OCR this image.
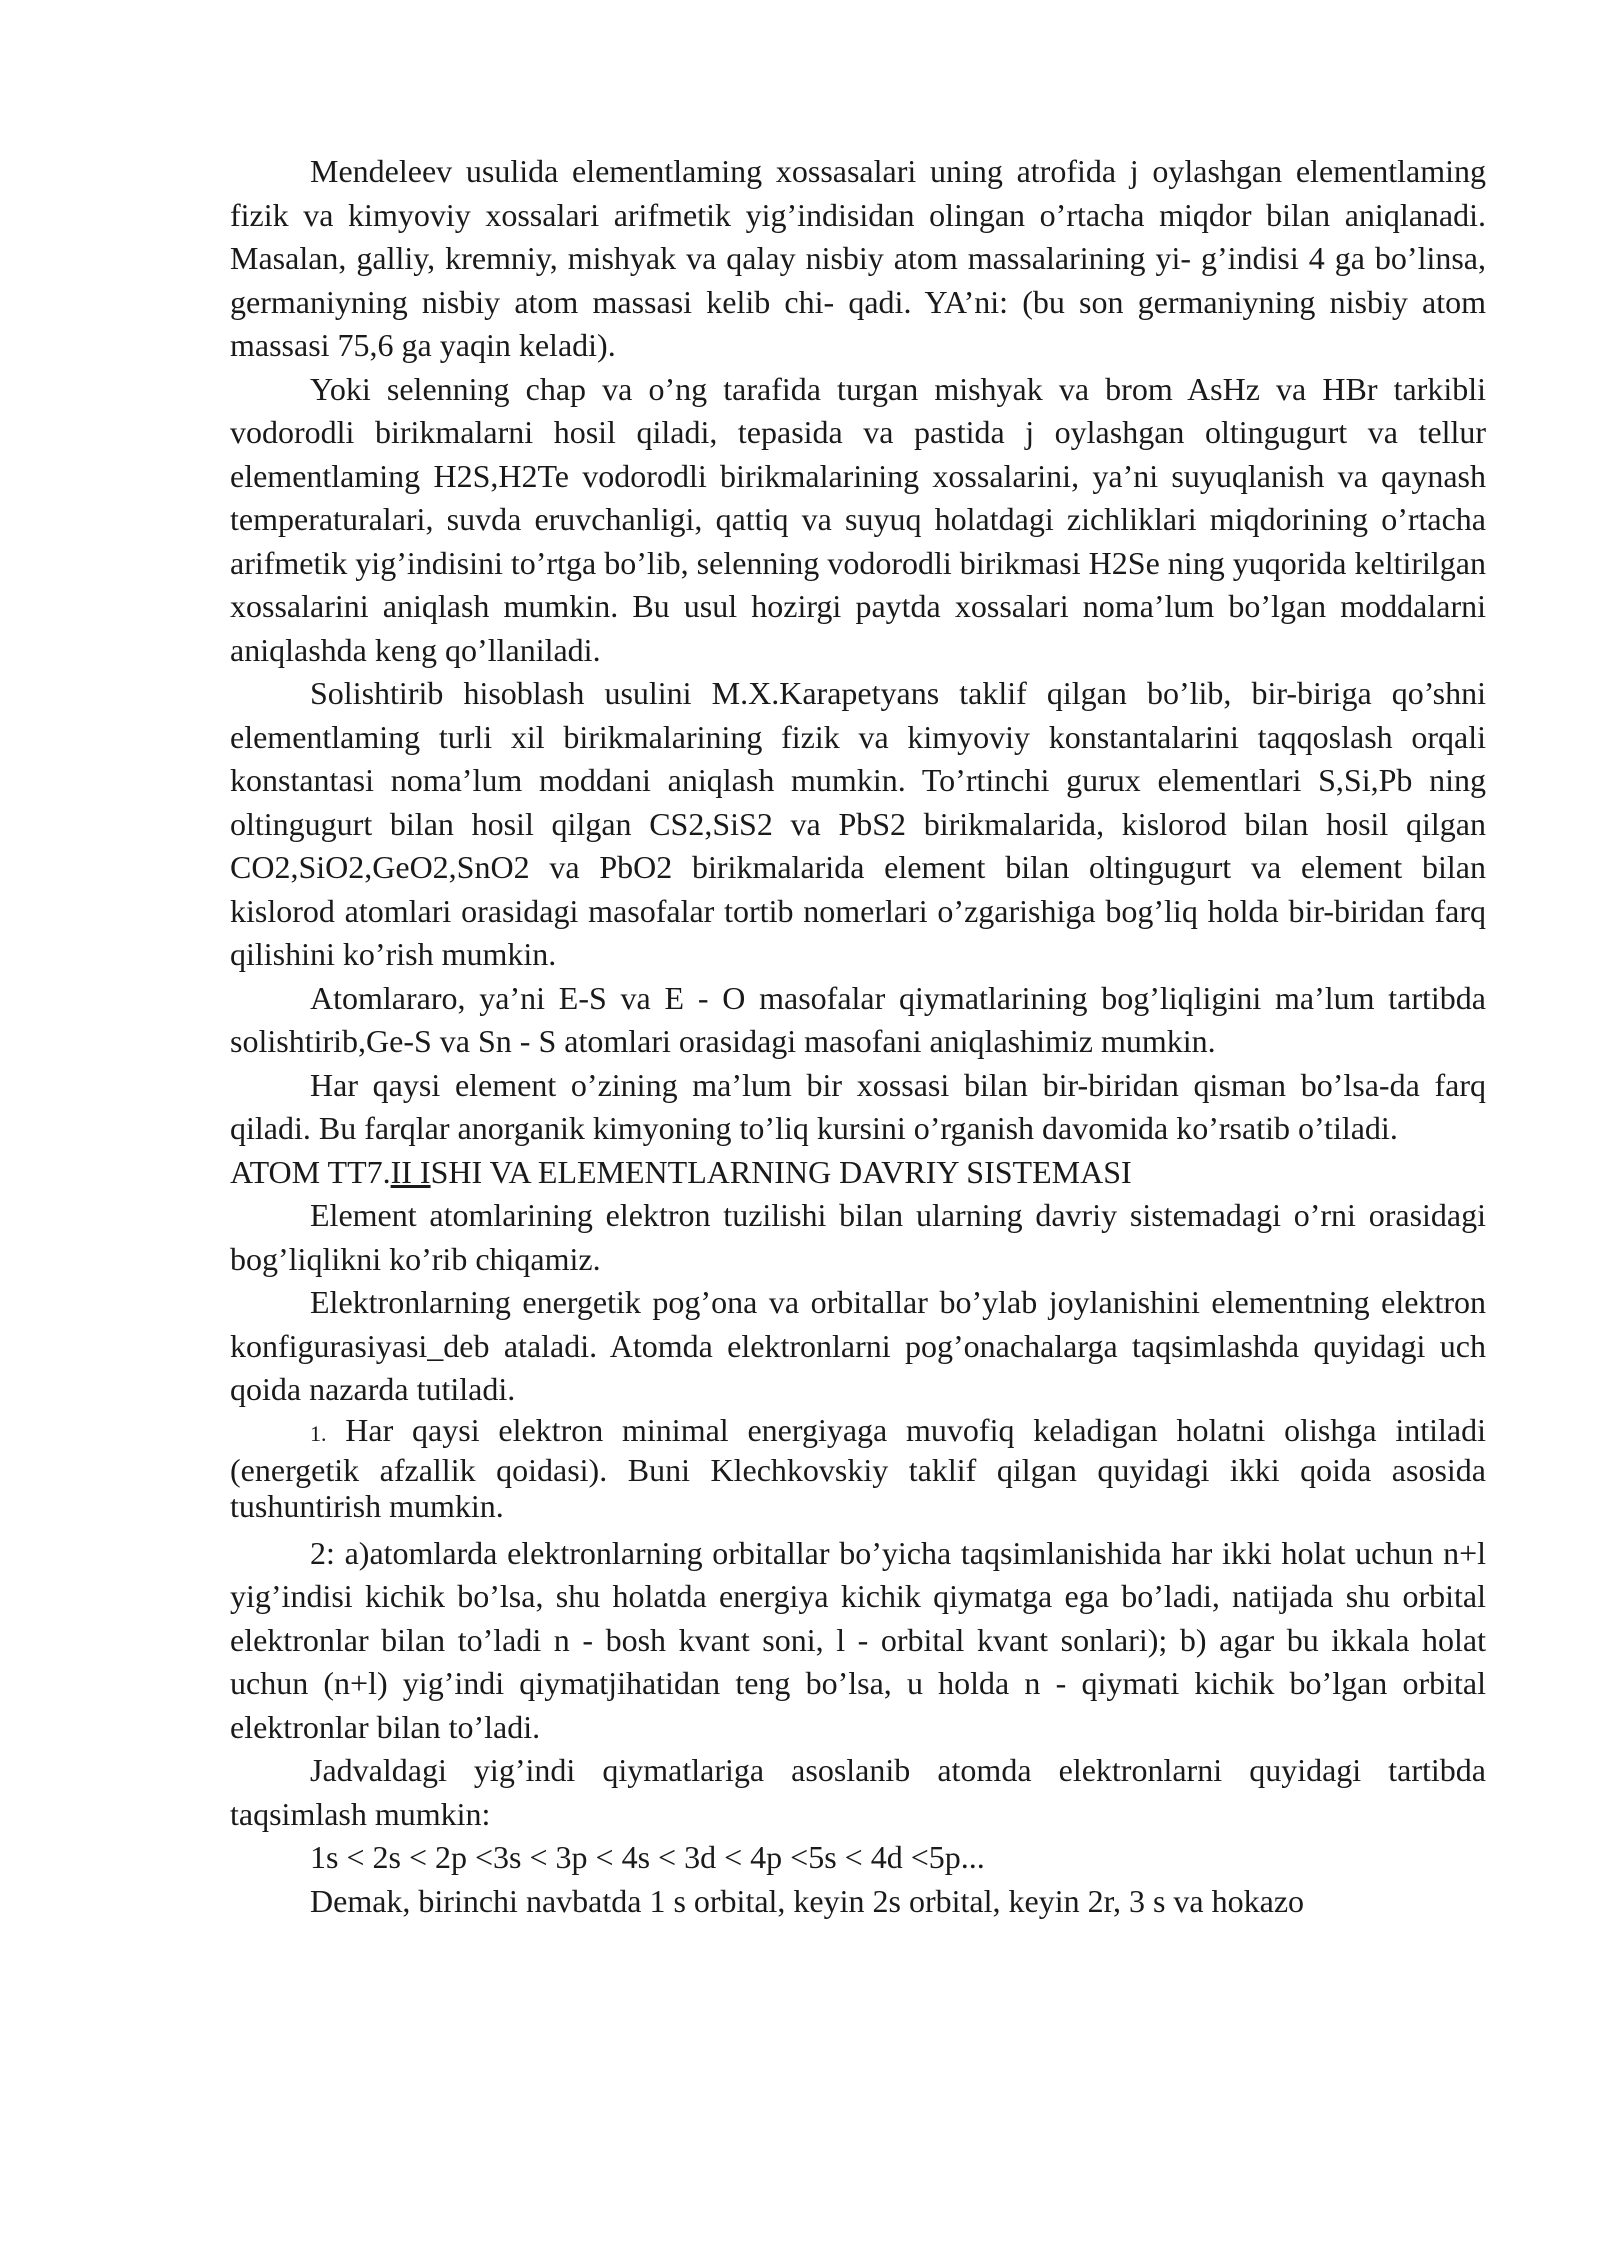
Mendeleev usulida elementlaming xossasalari uning atrofida j oylashgan elementlaming fizik va kimyoviy xossalari arifmetik yig’indisidan olingan o’rtacha miqdor bilan aniqlanadi. Masalan, galliy, kremniy, mishyak va qalay nisbiy atom massalarining yi- g’indisi 4 ga bo’linsa, germaniyning nisbiy atom massasi kelib chi- qadi. YA’ni: (bu son germaniyning nisbiy atom massasi 75,6 ga yaqin keladi).

Yoki selenning chap va o’ng tarafida turgan mishyak va brom AsHz va HBr tarkibli vodorodli birikmalarni hosil qiladi, tepasida va pastida j oylashgan oltingugurt va tellur elementlaming H2S,H2Te vodorodli birikmalarining xossalarini, ya’ni suyuqlanish va qaynash temperaturalari, suvda eruvchanligi, qattiq va suyuq holatdagi zichliklari miqdorining o’rtacha arifmetik yig’indisini to’rtga bo’lib, selenning vodorodli birikmasi H2Se ning yuqorida keltirilgan xossalarini aniqlash mumkin. Bu usul hozirgi paytda xossalari noma’lum bo’lgan moddalarni aniqlashda keng qo’llaniladi.

Solishtirib hisoblash usulini M.X.Karapetyans taklif qilgan bo’lib, bir-biriga qo’shni elementlaming turli xil birikmalarining fizik va kimyoviy konstantalarini taqqoslash orqali konstantasi noma’lum moddani aniqlash mumkin. To’rtinchi gurux elementlari S,Si,Pb ning oltingugurt bilan hosil qilgan CS2,SiS2 va PbS2 birikmalarida, kislorod bilan hosil qilgan CO2,SiO2,GeO2,SnO2 va PbO2 birikmalarida element bilan oltingugurt va element bilan kislorod atomlari orasidagi masofalar tortib nomerlari o’zgarishiga bog’liq holda bir-biridan farq qilishini ko’rish mumkin.

Atomlararo, ya’ni E-S va E - O masofalar qiymatlarining bog’liqligini ma’lum tartibda solishtirib,Ge-S va Sn - S atomlari orasidagi masofani aniqlashimiz mumkin.

Har qaysi element o’zining ma’lum bir xossasi bilan bir-biridan qisman bo’lsa-da farq qiladi. Bu farqlar anorganik kimyoning to’liq kursini o’rganish davomida ko’rsatib o’tiladi.

ATOM TT7.II ISHI VA ELEMENTLARNING DAVRIY SISTEMASI

Element atomlarining elektron tuzilishi bilan ularning davriy sistemadagi o’rni orasidagi bog’liqlikni ko’rib chiqamiz.

Elektronlarning energetik pog’ona va orbitallar bo’ylab joylanishini elementning elektron konfigurasiyasi_deb ataladi. Atomda elektronlarni pog’onachalarga taqsimlashda quyidagi uch qoida nazarda tutiladi.

1. Har qaysi elektron minimal energiyaga muvofiq keladigan holatni olishga intiladi (energetik afzallik qoidasi). Buni Klechkovskiy taklif qilgan quyidagi ikki qoida asosida tushuntirish mumkin.

2: a)atomlarda elektronlarning orbitallar bo’yicha taqsimlanishida har ikki holat uchun n+l yig’indisi kichik bo’lsa, shu holatda energiya kichik qiymatga ega bo’ladi, natijada shu orbital elektronlar bilan to’ladi n - bosh kvant soni, l - orbital kvant sonlari); b) agar bu ikkala holat uchun (n+l) yig’indi qiymatjihatidan teng bo’lsa, u holda n - qiymati kichik bo’lgan orbital elektronlar bilan to’ladi.

Jadvaldagi yig’indi qiymatlariga asoslanib atomda elektronlarni quyidagi tartibda taqsimlash mumkin:

1s < 2s < 2p <3s < 3p < 4s < 3d < 4p <5s < 4d <5p...

Demak, birinchi navbatda 1 s orbital, keyin 2s orbital, keyin 2r, 3 s va hokazo
